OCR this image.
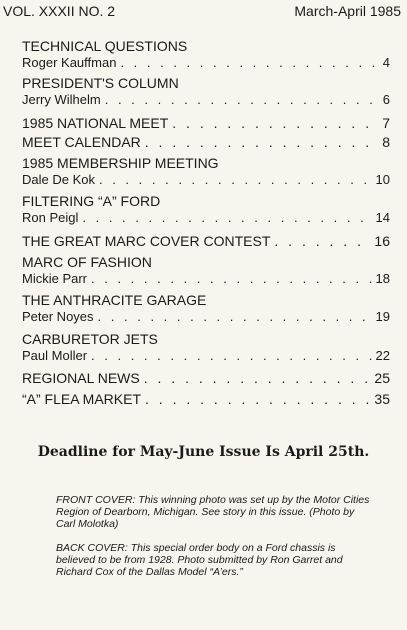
VOL. XXXII NO. 2	March-April 1985
TECHNICAL QUESTIONS
Roger Kauffman . . .	4
PRESIDENT'S COLUMN
Jerry Wilhelm . . .	6
1985 NATIONAL MEET . . .	7
MEET CALENDAR . . .	8
1985 MEMBERSHIP MEETING
Dale De Kok . . .	10
FILTERING “A” FORD
Ron Peigl . . .	14
THE GREAT MARC COVER CONTEST . . .	16
MARC OF FASHION
Mickie Parr . . .	18
THE ANTHRACITE GARAGE
Peter Noyes . . .	19
CARBURETOR JETS
Paul Moller . . .	22
REGIONAL NEWS . . .	25
“A” FLEA MARKET . . .	35
Deadline for May-June Issue Is April 25th.

FRONT COVER: This winning photo was set up by the Motor Cities Region of Dearborn, Michigan. See story in this issue. (Photo by Carl Molotka)

BACK COVER: This special order body on a Ford chassis is believed to be from 1928. Photo submitted by Ron Garret and Richard Cox of the Dallas Model “A’ers.”
